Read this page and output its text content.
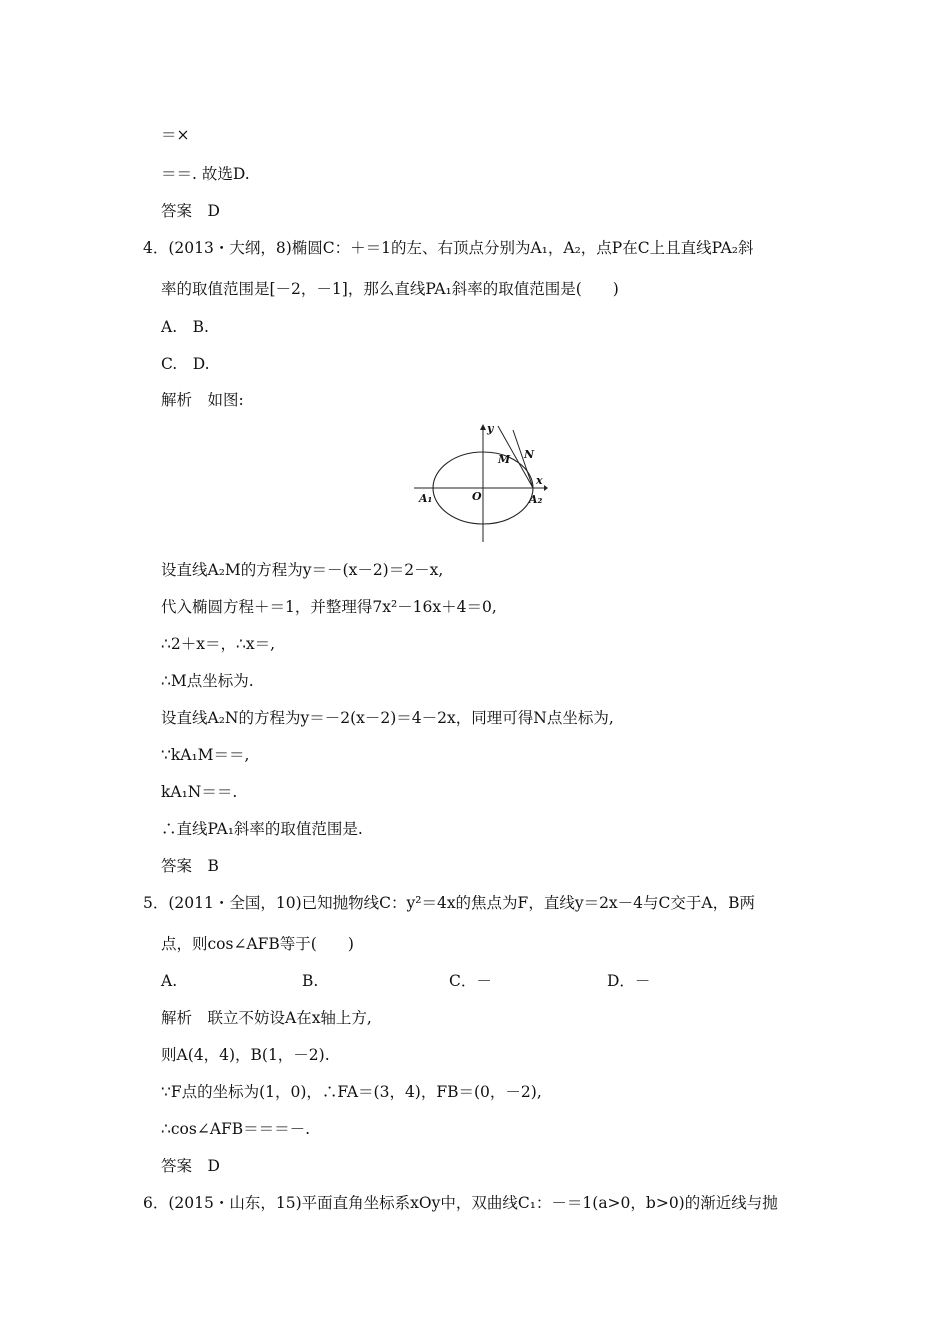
＝×
＝＝. 故选D.
答案　D
4．(2013・大纲，8)椭圆C：＋＝1的左、右顶点分别为A₁，A₂，点P在C上且直线PA₂斜
率的取值范围是[－2，－1]，那么直线PA₁斜率的取值范围是(　　)
A.　B.
C.　D.
解析　如图:
y
x
O
M N
A₁	A₂
设直线A₂M的方程为y＝－(x－2)＝2－x,
代入椭圆方程＋＝1，并整理得7x²－16x＋4＝0,
∴2＋x＝，∴x＝,
∴M点坐标为.
设直线A₂N的方程为y＝－2(x－2)＝4－2x，同理可得N点坐标为,
∵kA₁M＝＝,
kA₁N＝＝.
∴直线PA₁斜率的取值范围是.
答案　B
5．(2011・全国，10)已知抛物线C：y²＝4x的焦点为F，直线y＝2x－4与C交于A，B两
点，则cos∠AFB等于(　　)
A.	B.	C．－	D．－
解析　联立不妨设A在x轴上方,
则A(4，4)，B(1，－2).
∵F点的坐标为(1，0)，∴FA＝(3，4)，FB＝(0，－2),
∴cos∠AFB＝＝＝－.
答案　D
6．(2015・山东，15)平面直角坐标系xOy中，双曲线C₁：－＝1(a>0，b>0)的渐近线与抛
